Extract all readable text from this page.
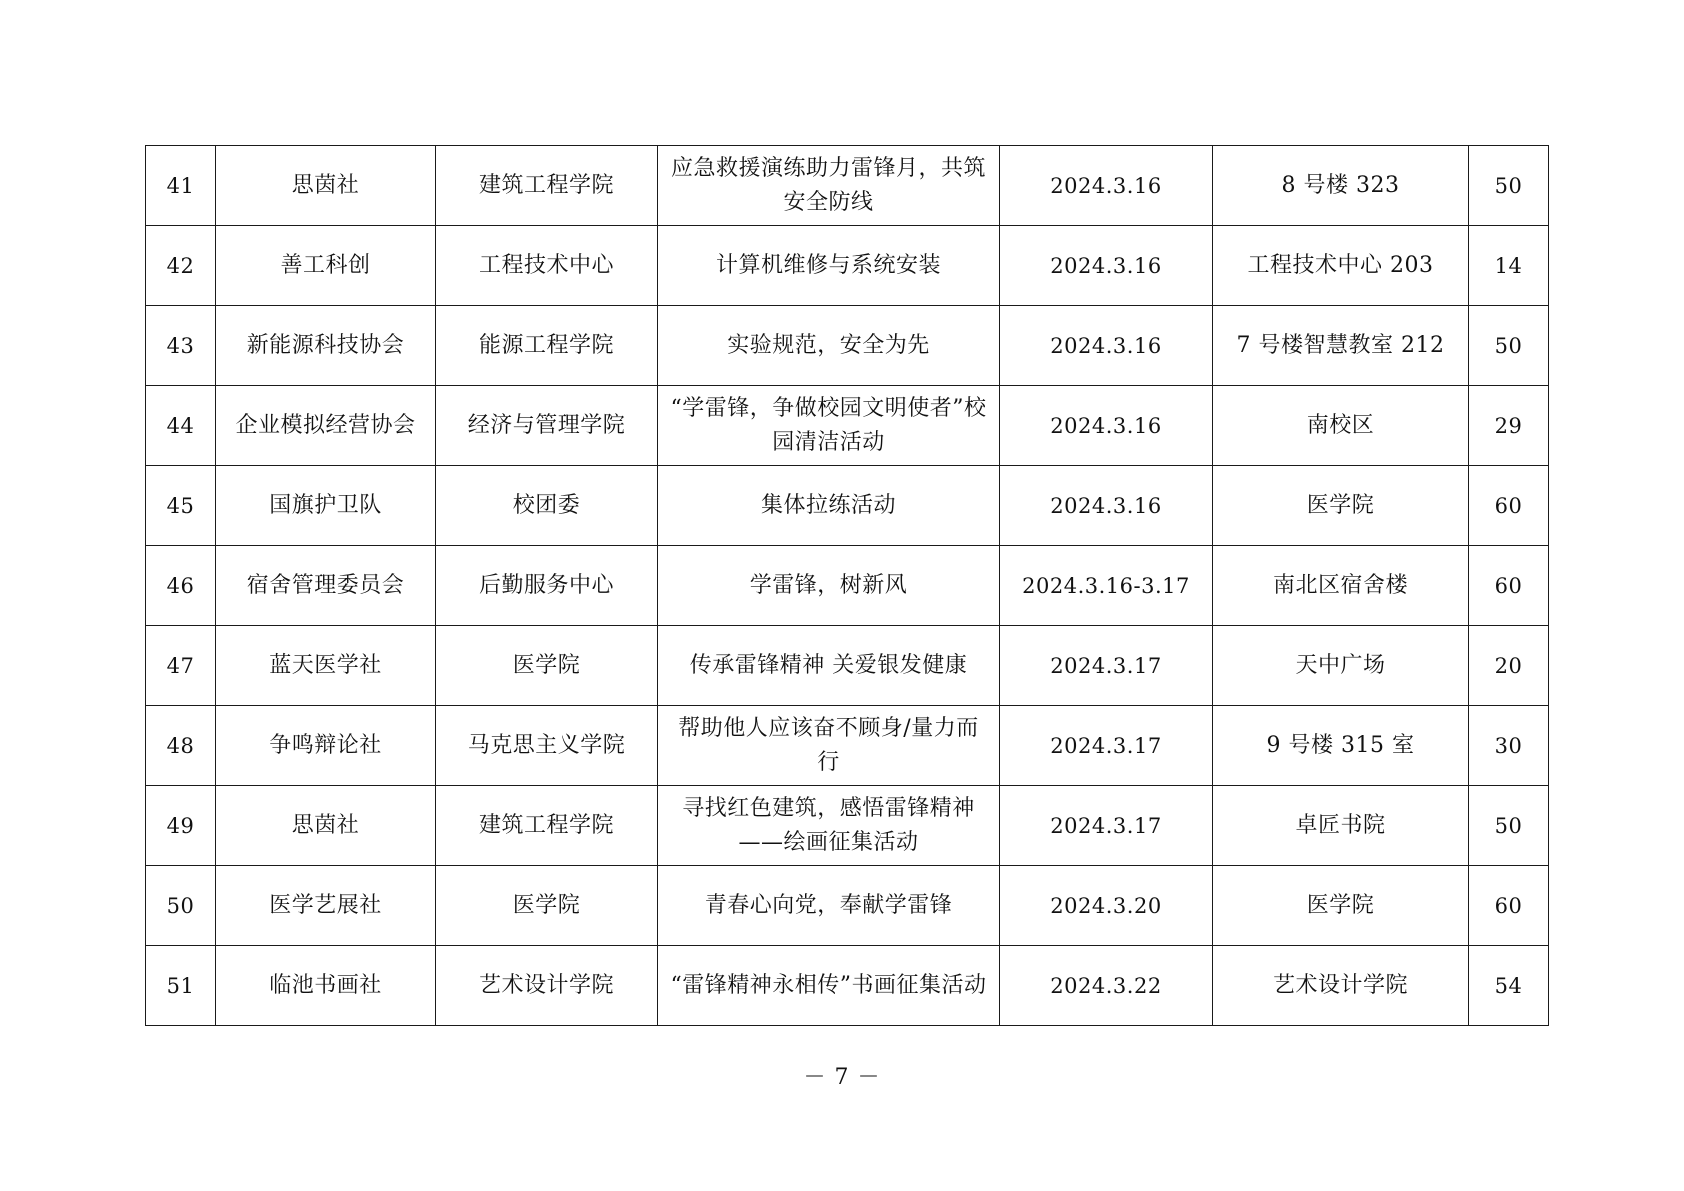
41	思茵社	建筑工程学院	应急救援演练助力雷锋月，共筑安全防线	2024.3.16	8 号楼 323	50
42	善工科创	工程技术中心	计算机维修与系统安装	2024.3.16	工程技术中心 203	14
43	新能源科技协会	能源工程学院	实验规范，安全为先	2024.3.16	7 号楼智慧教室 212	50
44	企业模拟经营协会	经济与管理学院	“学雷锋，争做校园文明使者”校园清洁活动	2024.3.16	南校区	29
45	国旗护卫队	校团委	集体拉练活动	2024.3.16	医学院	60
46	宿舍管理委员会	后勤服务中心	学雷锋，树新风	2024.3.16-3.17	南北区宿舍楼	60
47	蓝天医学社	医学院	传承雷锋精神 关爱银发健康	2024.3.17	天中广场	20
48	争鸣辩论社	马克思主义学院	帮助他人应该奋不顾身/量力而行	2024.3.17	9 号楼 315 室	30
49	思茵社	建筑工程学院	寻找红色建筑，感悟雷锋精神——绘画征集活动	2024.3.17	卓匠书院	50
50	医学艺展社	医学院	青春心向党，奉献学雷锋	2024.3.20	医学院	60
51	临池书画社	艺术设计学院	“雷锋精神永相传”书画征集活动	2024.3.22	艺术设计学院	54
－ 7 －
